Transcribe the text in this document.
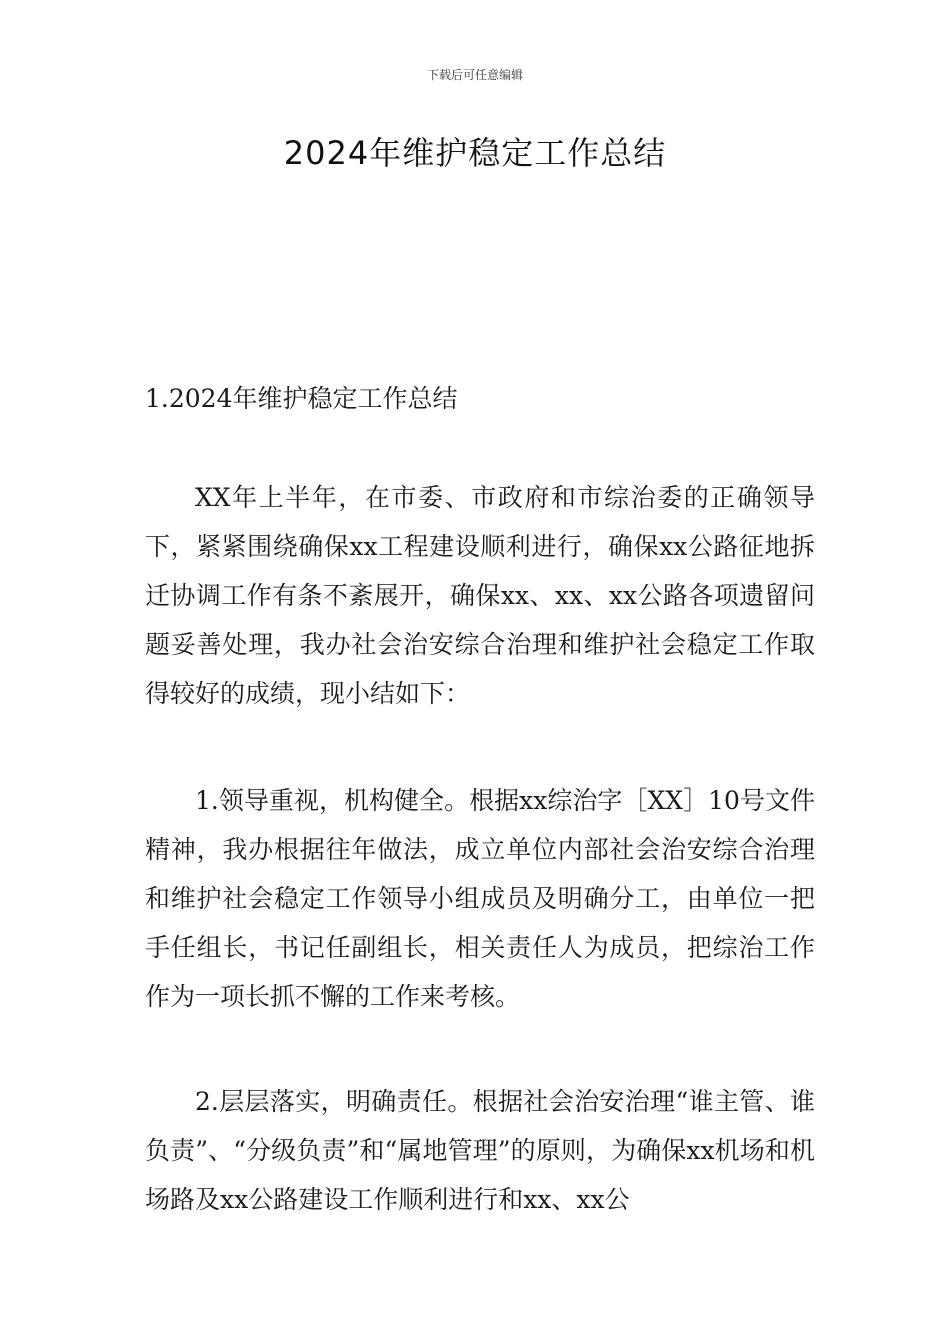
下载后可任意编辑
2024年维护稳定工作总结
1.2024年维护稳定工作总结

XX年上半年，在市委、市政府和市综治委的正确领导下，紧紧围绕确保xx工程建设顺利进行，确保xx公路征地拆迁协调工作有条不紊展开，确保xx、xx、xx公路各项遗留问题妥善处理，我办社会治安综合治理和维护社会稳定工作取得较好的成绩，现小结如下：

1.领导重视，机构健全。根据xx综治字［XX］10号文件精神，我办根据往年做法，成立单位内部社会治安综合治理和维护社会稳定工作领导小组成员及明确分工，由单位一把手任组长，书记任副组长，相关责任人为成员，把综治工作作为一项长抓不懈的工作来考核。

2.层层落实，明确责任。根据社会治安治理“谁主管、谁负责”、“分级负责”和“属地管理”的原则，为确保xx机场和机场路及xx公路建设工作顺利进行和xx、xx公
